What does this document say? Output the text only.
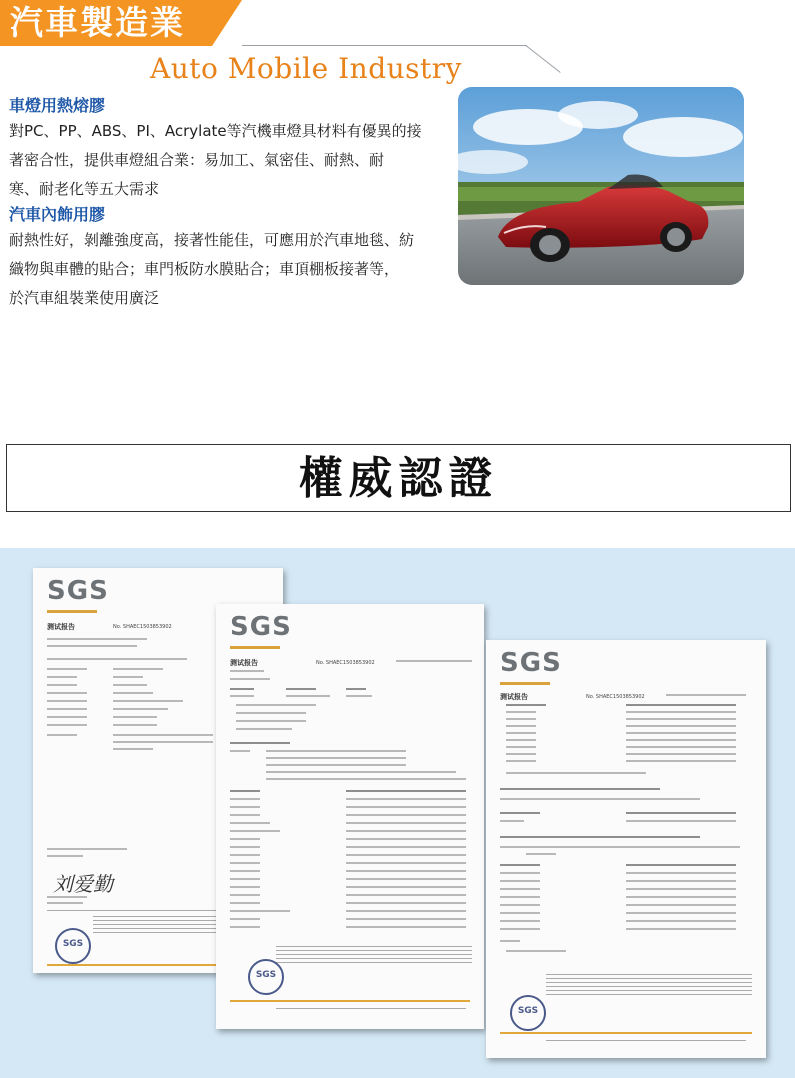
汽車製造業
Auto Mobile Industry
車燈用熱熔膠
對PC、PP、ABS、PI、Acrylate等汽機車燈具材料有優異的接
著密合性，提供車燈組合業：易加工、氣密佳、耐熱、耐
寒、耐老化等五大需求
汽車內飾用膠
耐熱性好，剝離強度高，接著性能佳，可應用於汽車地毯、紡
織物與車體的貼合；車門板防水膜貼合；車頂棚板接著等，
於汽車組裝業使用廣泛
權威認證
SGS
测试报告	No. SHAEC1503853902
刘爱勤
SGS
SGS
测试报告	No. SHAEC1503853902
SGS
SGS
测试报告	No. SHAEC1503853902
SGS
